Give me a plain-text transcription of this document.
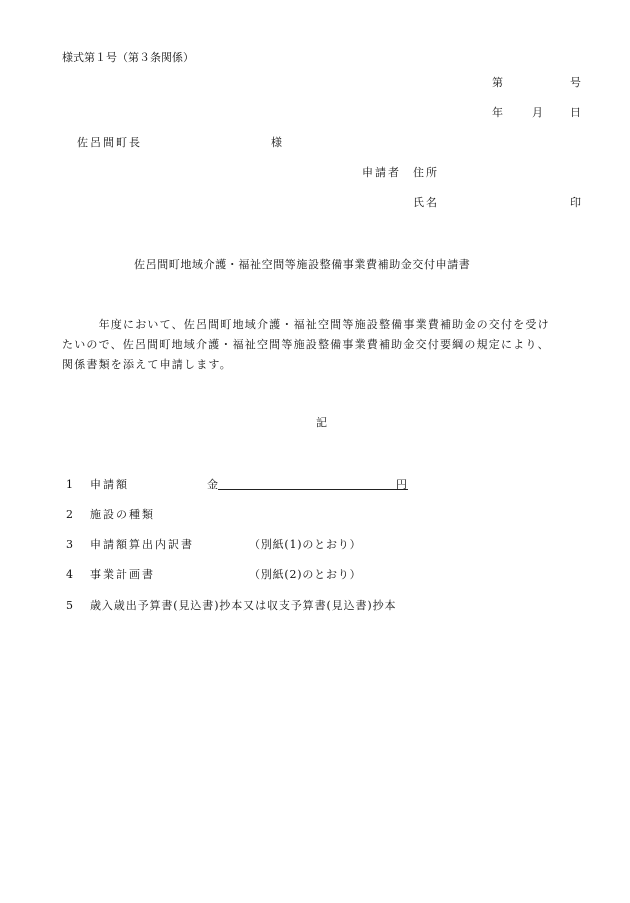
様式第１号（第３条関係）
第	号
年	月 日
佐呂間町長	様
申請者 住所
氏名	印
佐呂間町地域介護・福祉空間等施設整備事業費補助金交付申請書
　　　年度において、佐呂間町地域介護・福祉空間等施設整備事業費補助金の交付を受け
たいので、佐呂間町地域介護・福祉空間等施設整備事業費補助金交付要綱の規定により、
関係書類を添えて申請します。
記
1 申請額	金	円
2 施設の種類
3 申請額算出内訳書	（別紙(1)のとおり）
4 事業計画書	（別紙(2)のとおり）
5 歳入歳出予算書(見込書)抄本又は収支予算書(見込書)抄本
